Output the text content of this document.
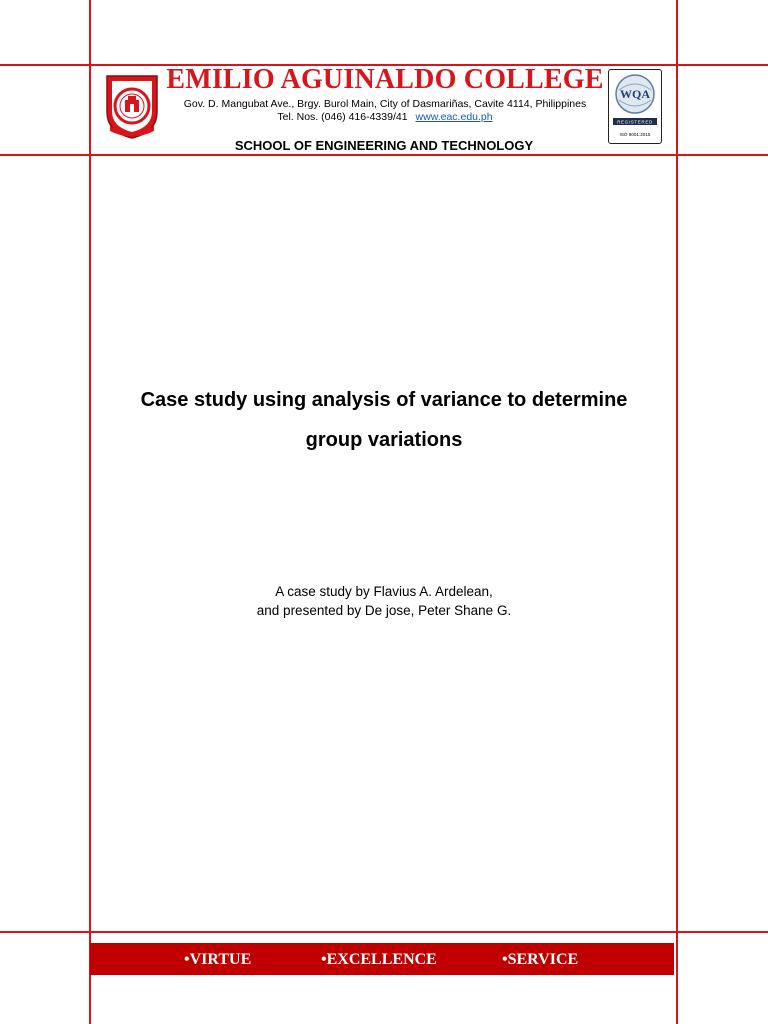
EMILIO AGUINALDO COLLEGE
Gov. D. Mangubat Ave., Brgy. Burol Main, City of Dasmariñas, Cavite 4114, Philippines
Tel. Nos. (046) 416-4339/41 www.eac.edu.ph
WQA
REGISTERED
ISO 9001:2015
SCHOOL OF ENGINEERING AND TECHNOLOGY
Case study using analysis of variance to determine
group variations
A case study by Flavius A. Ardelean,
and presented by De jose, Peter Shane G.
•VIRTUE	•EXCELLENCE	•SERVICE
